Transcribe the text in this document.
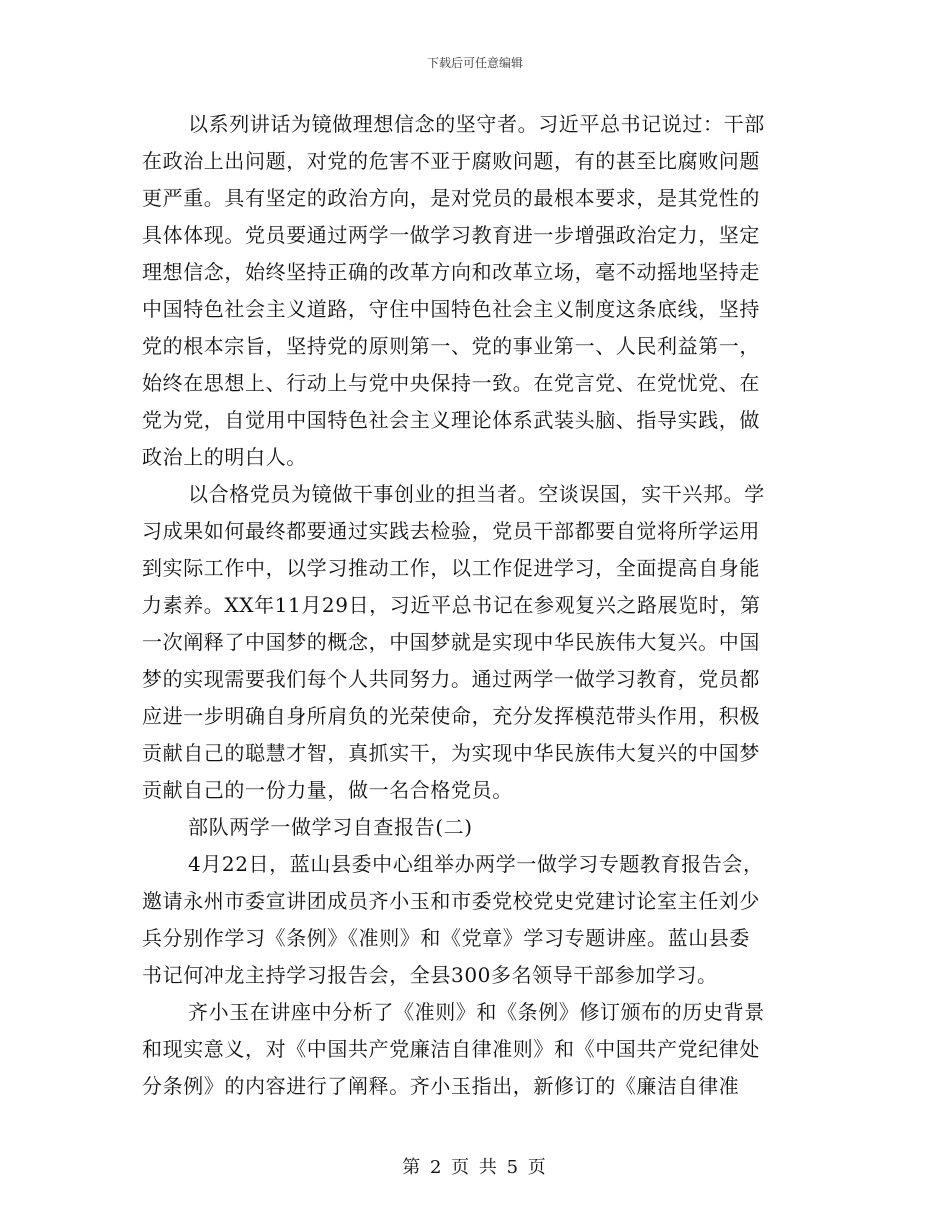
下载后可任意编辑
以系列讲话为镜做理想信念的坚守者。习近平总书记说过：干部
在政治上出问题，对党的危害不亚于腐败问题，有的甚至比腐败问题
更严重。具有坚定的政治方向，是对党员的最根本要求，是其党性的
具体体现。党员要通过两学一做学习教育进一步增强政治定力，坚定
理想信念，始终坚持正确的改革方向和改革立场，毫不动摇地坚持走
中国特色社会主义道路，守住中国特色社会主义制度这条底线，坚持
党的根本宗旨，坚持党的原则第一、党的事业第一、人民利益第一，
始终在思想上、行动上与党中央保持一致。在党言党、在党忧党、在
党为党，自觉用中国特色社会主义理论体系武装头脑、指导实践，做
政治上的明白人。
以合格党员为镜做干事创业的担当者。空谈误国，实干兴邦。学
习成果如何最终都要通过实践去检验，党员干部都要自觉将所学运用
到实际工作中，以学习推动工作，以工作促进学习，全面提高自身能
力素养。XX年11月29日，习近平总书记在参观复兴之路展览时，第
一次阐释了中国梦的概念，中国梦就是实现中华民族伟大复兴。中国
梦的实现需要我们每个人共同努力。通过两学一做学习教育，党员都
应进一步明确自身所肩负的光荣使命，充分发挥模范带头作用，积极
贡献自己的聪慧才智，真抓实干，为实现中华民族伟大复兴的中国梦
贡献自己的一份力量，做一名合格党员。
部队两学一做学习自查报告(二)
4月22日，蓝山县委中心组举办两学一做学习专题教育报告会，
邀请永州市委宣讲团成员齐小玉和市委党校党史党建讨论室主任刘少
兵分别作学习《条例》《准则》和《党章》学习专题讲座。蓝山县委
书记何冲龙主持学习报告会，全县300多名领导干部参加学习。
齐小玉在讲座中分析了《准则》和《条例》修订颁布的历史背景
和现实意义，对《中国共产党廉洁自律准则》和《中国共产党纪律处
分条例》的内容进行了阐释。齐小玉指出，新修订的《廉洁自律准
第 2 页 共 5 页
